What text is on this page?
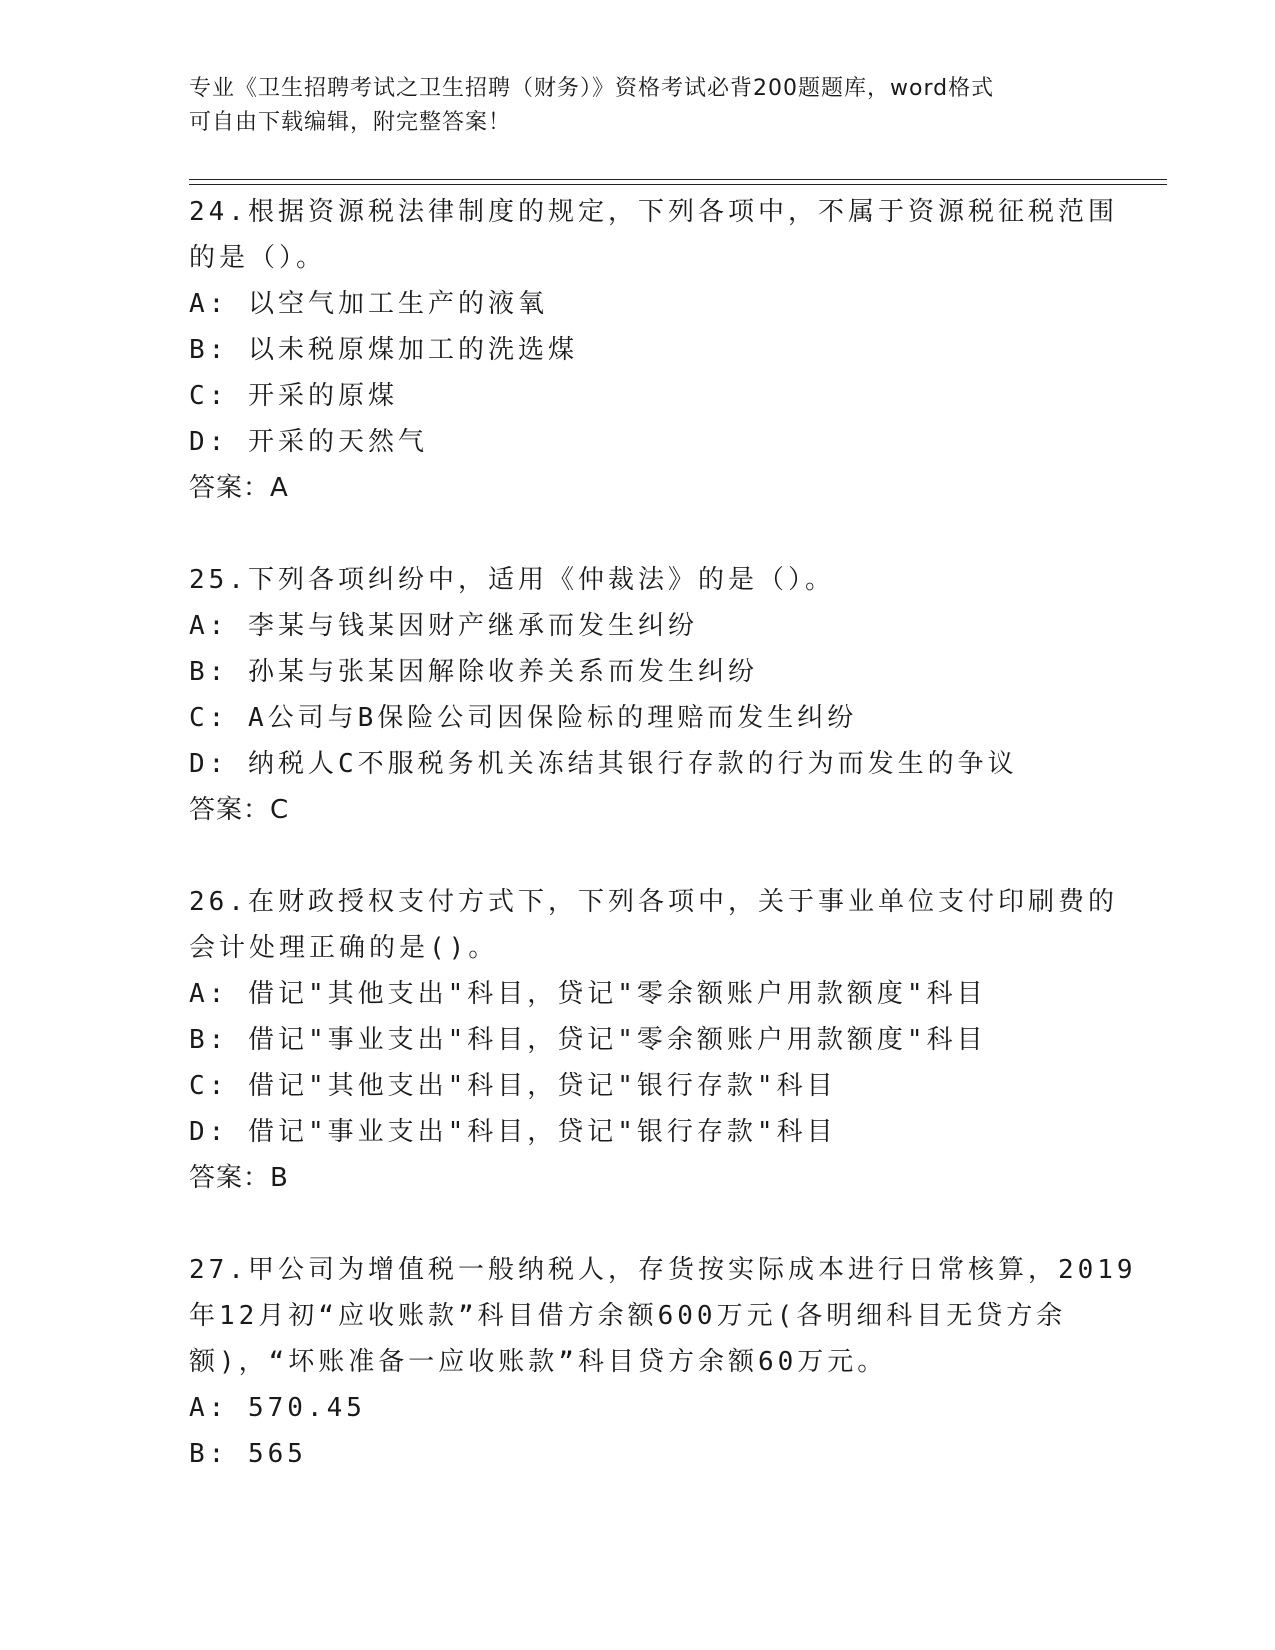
专业《卫生招聘考试之卫生招聘（财务）》资格考试必背200题题库，word格式
可自由下载编辑，附完整答案！
24.根据资源税法律制度的规定，下列各项中，不属于资源税征税范围
的是（）。
A: 以空气加工生产的液氧
B: 以未税原煤加工的洗选煤
C: 开采的原煤
D: 开采的天然气
答案：A
25.下列各项纠纷中，适用《仲裁法》的是（）。
A: 李某与钱某因财产继承而发生纠纷
B: 孙某与张某因解除收养关系而发生纠纷
C: A公司与B保险公司因保险标的理赔而发生纠纷
D: 纳税人C不服税务机关冻结其银行存款的行为而发生的争议
答案：C
26.在财政授权支付方式下，下列各项中，关于事业单位支付印刷费的
会计处理正确的是()。
A: 借记"其他支出"科目，贷记"零余额账户用款额度"科目
B: 借记"事业支出"科目，贷记"零余额账户用款额度"科目
C: 借记"其他支出"科目，贷记"银行存款"科目
D: 借记"事业支出"科目，贷记"银行存款"科目
答案：B
27.甲公司为增值税一般纳税人，存货按实际成本进行日常核算，2019
年12月初“应收账款”科目借方余额600万元(各明细科目无贷方余
额)，“坏账准备一应收账款”科目贷方余额60万元。
A: 570.45
B: 565
